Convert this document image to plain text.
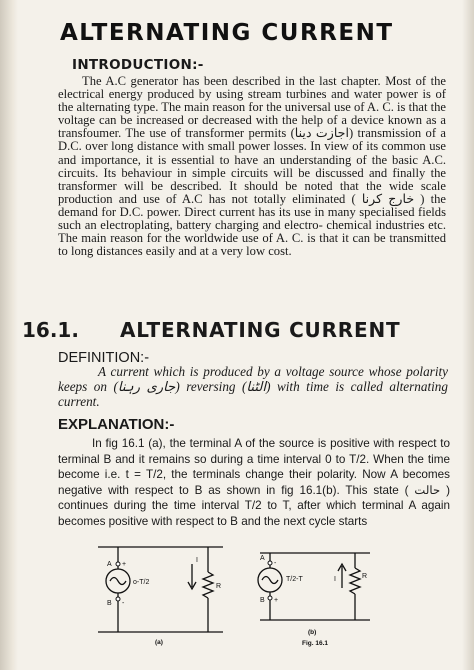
ALTERNATING CURRENT
INTRODUCTION:-

The A.C generator has been described in the last chapter. Most of the electrical energy produced by using stream turbines and water power is of the alternating type. The main reason for the universal use of A. C. is that the voltage can be increased or decreased with the help of a device known as a transfoumer. The use of transformer permits (اجازت دینا) transmission of a D.C. over long distance with small power losses. In view of its common use and importance, it is essential to have an understanding of the basic A.C. circuits. Its behaviour in simple circuits will be discussed and finally the transformer will be described. It should be noted that the wide scale production and use of A.C has not totally eliminated ( خارج کرنا ) the demand for D.C. power. Direct current has its use in many specialised fields such an electroplating, battery charging and electro- chemical industries etc. The main reason for the worldwide use of A. C. is that it can be transmitted to long distances easily and at a very low cost.

16.1. ALTERNATING CURRENT
DEFINITION:-

A current which is produced by a voltage source whose polarity keeps on (جاری رہنا) reversing (الٹنا) with time is called alternating current.

EXPLANATION:-

In fig 16.1 (a), the terminal A of the source is positive with respect to terminal B and it remains so during a time interval 0 to T/2. When the time become i.e. t = T/2, the terminals change their polarity. Now A becomes negative with respect to B as shown in fig 16.1(b). This state ( حالت ) continues during the time interval T/2 to T, after which terminal A again becomes positive with respect to B and the next cycle starts

A +
B -
o-T/2
I
R
(a)
A
-
B +
T/2-T	I	R
(b)
Fig. 16.1
